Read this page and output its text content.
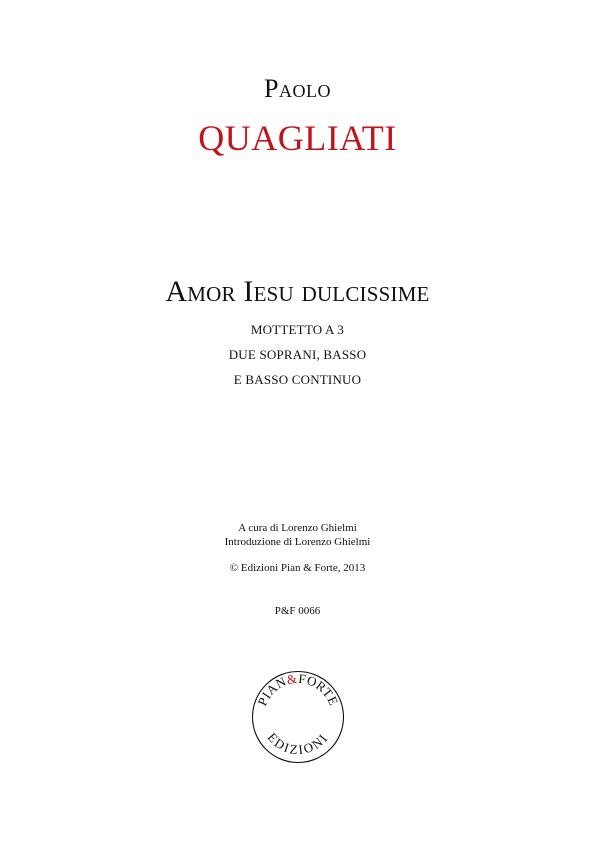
Paolo
QUAGLIATI
Amor Iesu dulcissime
MOTTETTO A 3
DUE SOPRANI, BASSO
E BASSO CONTINUO
A cura di Lorenzo Ghielmi
Introduzione di Lorenzo Ghielmi
© Edizioni Pian & Forte, 2013
P&F 0066
PIAN&FORTE
EDIZIONI
